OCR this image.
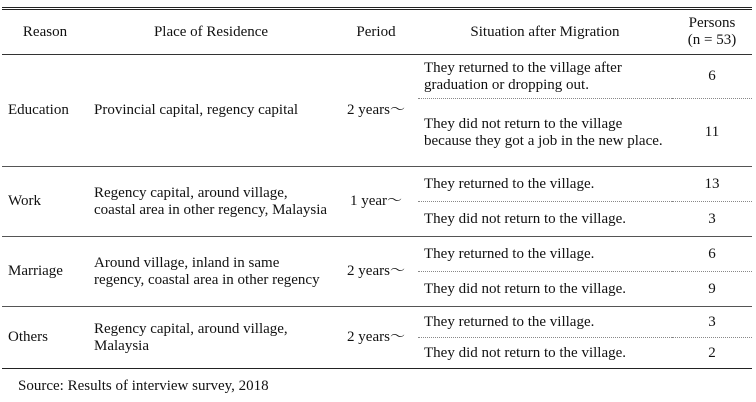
Reason	Place of Residence	Period	Situation after Migration	Persons
(n = 53)
Education	Provincial capital, regency capital	2 years～	They returned to the village after graduation or dropping out.	6
			They did not return to the village because they got a job in the new place.	11
Work	Regency capital, around village, coastal area in other regency, Malaysia	1 year～	They returned to the village.	13
			They did not return to the village.	3
Marriage	Around village, inland in same regency, coastal area in other regency	2 years～	They returned to the village.	6
			They did not return to the village.	9
Others	Regency capital, around village, Malaysia	2 years～	They returned to the village.	3
			They did not return to the village.	2
Source: Results of interview survey, 2018
